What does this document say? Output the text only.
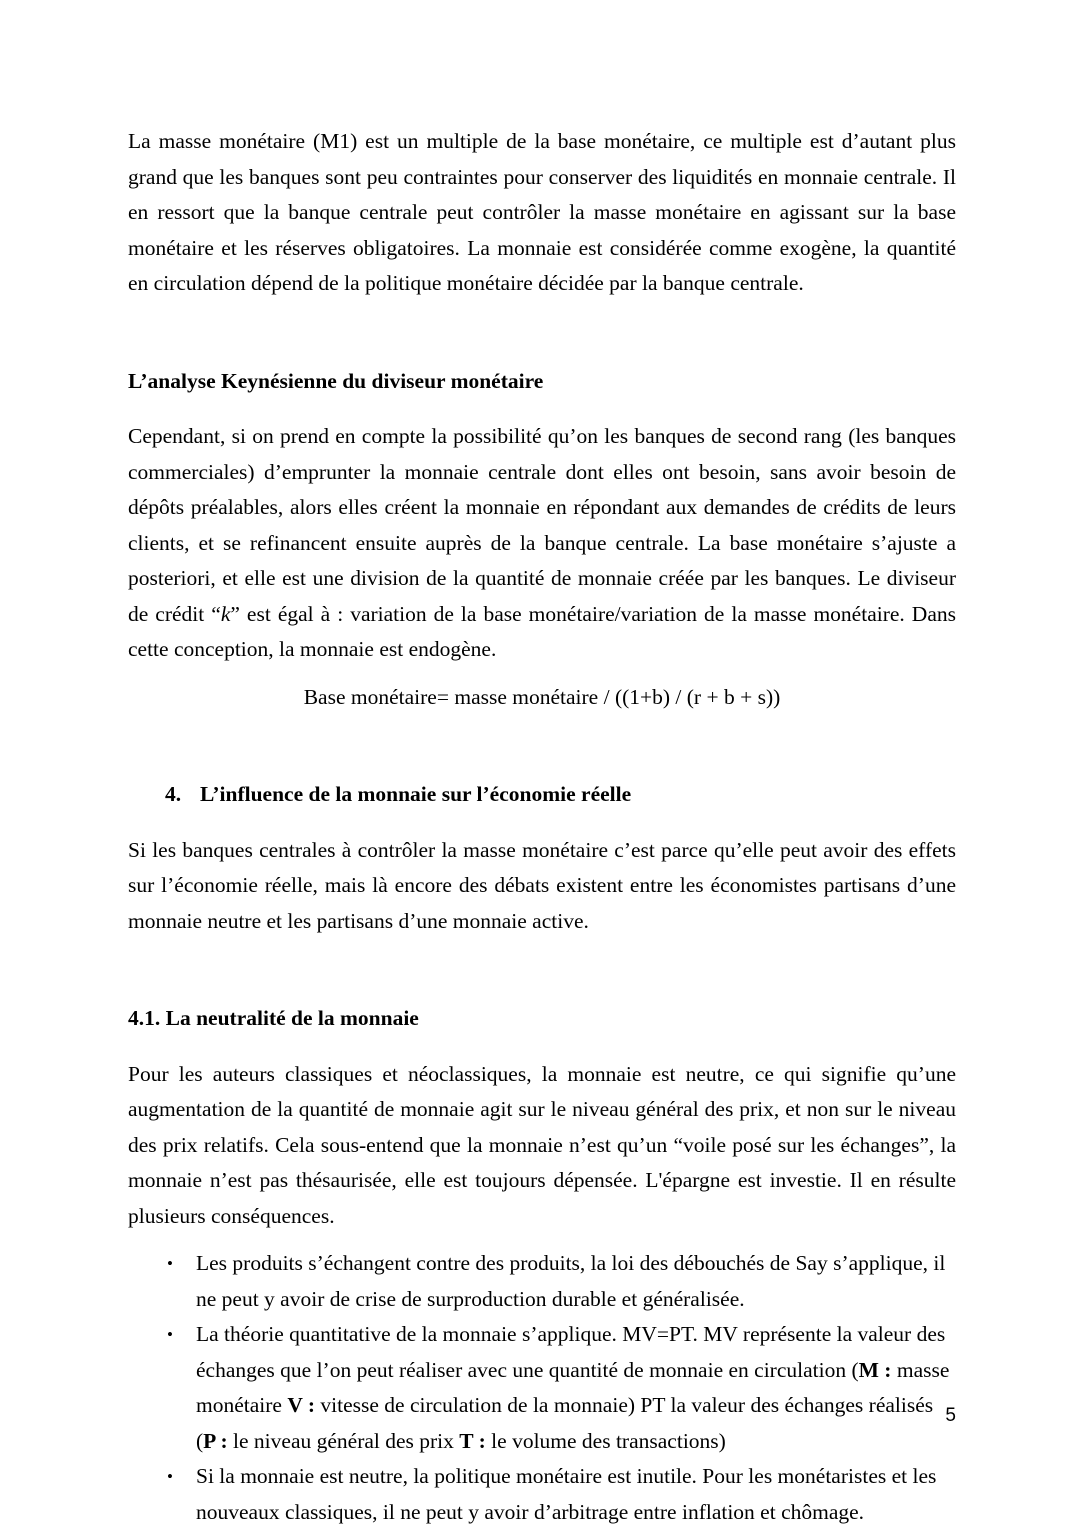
La masse monétaire (M1) est un multiple de la base monétaire, ce multiple est d’autant plus grand que les banques sont peu contraintes pour conserver des liquidités en monnaie centrale. Il en ressort que la banque centrale peut contrôler la masse monétaire en agissant sur la base monétaire et les réserves obligatoires. La monnaie est considérée comme exogène, la quantité en circulation dépend de la politique monétaire décidée par la banque centrale.

L’analyse Keynésienne du diviseur monétaire

Cependant, si on prend en compte la possibilité qu’on les banques de second rang (les banques commerciales) d’emprunter la monnaie centrale dont elles ont besoin, sans avoir besoin de dépôts préalables, alors elles créent la monnaie en répondant aux demandes de crédits de leurs clients, et se refinancent ensuite auprès de la banque centrale. La base monétaire s’ajuste a posteriori, et elle est une division de la quantité de monnaie créée par les banques. Le diviseur de crédit “k” est égal à : variation de la base monétaire/variation de la masse monétaire. Dans cette conception, la monnaie est endogène.

Base monétaire= masse monétaire / ((1+b) / (r + b + s))

4. L’influence de la monnaie sur l’économie réelle

Si les banques centrales à contrôler la masse monétaire c’est parce qu’elle peut avoir des effets sur l’économie réelle, mais là encore des débats existent entre les économistes partisans d’une monnaie neutre et les partisans d’une monnaie active.

4.1. La neutralité de la monnaie

Pour les auteurs classiques et néoclassiques, la monnaie est neutre, ce qui signifie qu’une augmentation de la quantité de monnaie agit sur le niveau général des prix, et non sur le niveau des prix relatifs. Cela sous-entend que la monnaie n’est qu’un “voile posé sur les échanges”, la monnaie n’est pas thésaurisée, elle est toujours dépensée. L'épargne est investie. Il en résulte plusieurs conséquences.

•	Les produits s’échangent contre des produits, la loi des débouchés de Say s’applique, il ne peut y avoir de crise de surproduction durable et généralisée.
•	La théorie quantitative de la monnaie s’applique. MV=PT. MV représente la valeur des échanges que l’on peut réaliser avec une quantité de monnaie en circulation (M : masse monétaire V : vitesse de circulation de la monnaie) PT la valeur des échanges réalisés (P : le niveau général des prix T : le volume des transactions)
•	Si la monnaie est neutre, la politique monétaire est inutile. Pour les monétaristes et les nouveaux classiques, il ne peut y avoir d’arbitrage entre inflation et chômage.
5
